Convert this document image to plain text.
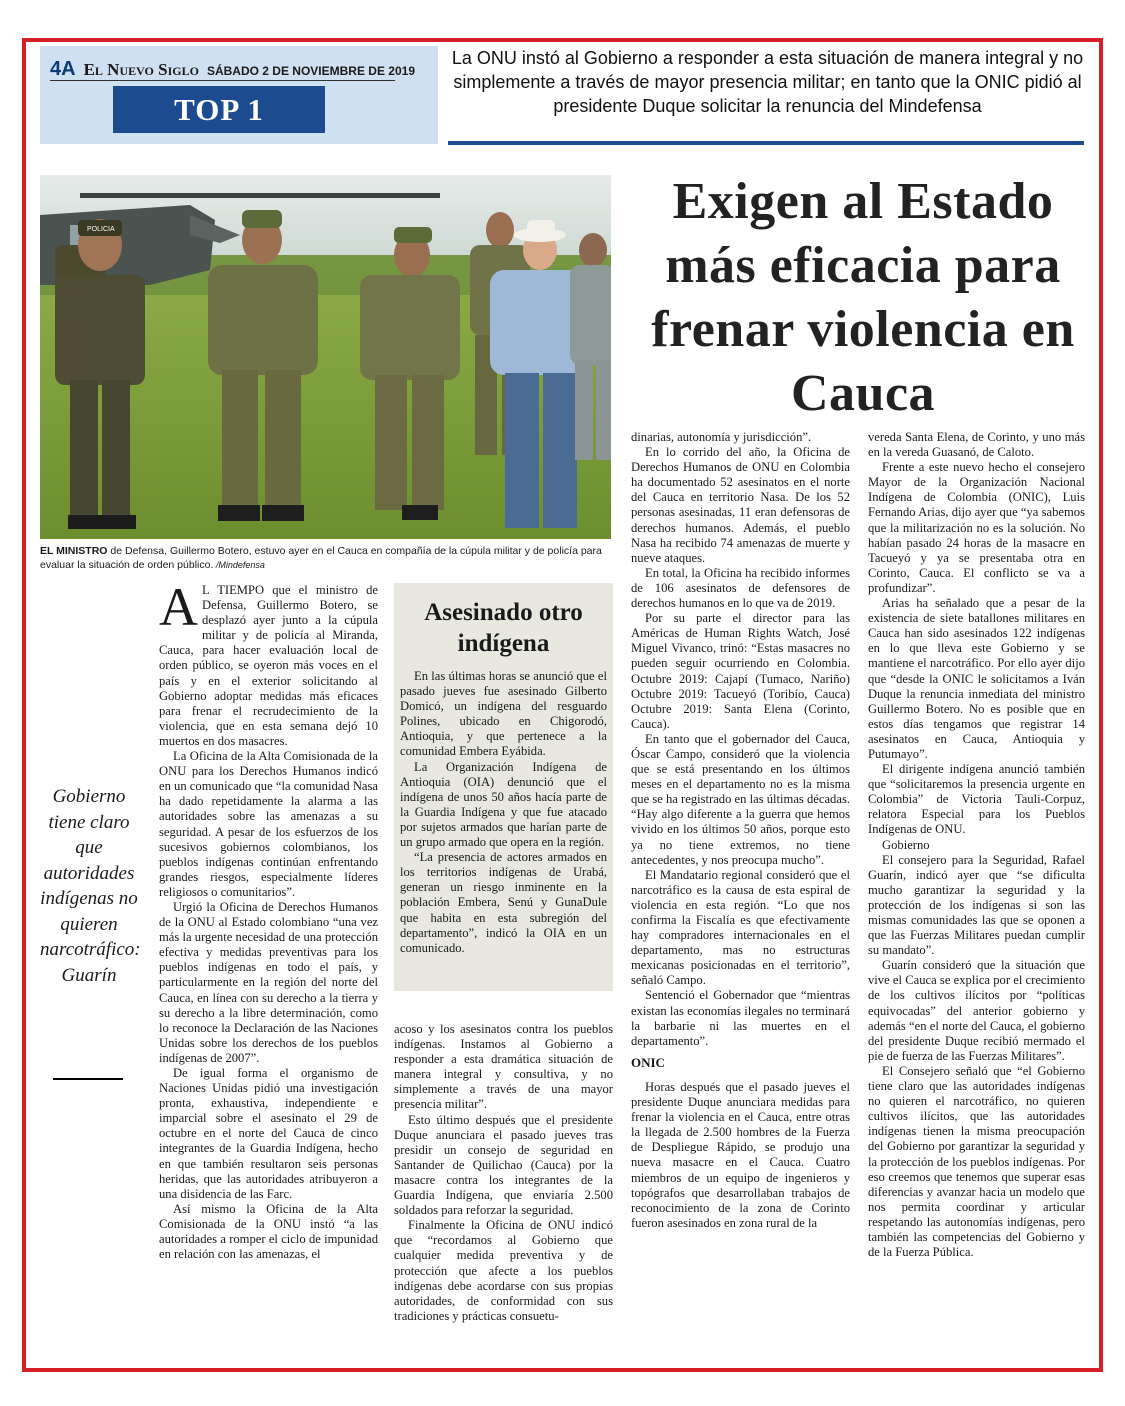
4A El Nuevo Siglo SÁBADO 2 DE NOVIEMBRE DE 2019
TOP 1
La ONU instó al Gobierno a responder a esta situación de manera integral y no simplemente a través de mayor presencia militar; en tanto que la ONIC pidió al presidente Duque solicitar la renuncia del Mindefensa
POLICIA
EL MINISTRO de Defensa, Guillermo Botero, estuvo ayer en el Cauca en compañía de la cúpula militar y de policía para evaluar la situación de orden público. /Mindefensa
Exigen al Estado más eficacia para frenar violencia en Cauca
Gobierno tiene claro que autoridades indígenas no quieren narcotráfico: Guarín

A L TIEMPO que el ministro de Defensa, Guillermo Botero, se desplazó ayer junto a la cúpula militar y de policía al Miranda, Cauca, para hacer evaluación local de orden público, se oyeron más voces en el país y en el exterior solicitando al Gobierno adoptar medidas más eficaces para frenar el recrudecimiento de la violencia, que en esta semana dejó 10 muertos en dos masacres.

La Oficina de la Alta Comisionada de la ONU para los Derechos Humanos indicó en un comunicado que “la comunidad Nasa ha dado repetidamente la alarma a las autoridades sobre las amenazas a su seguridad. A pesar de los esfuerzos de los sucesivos gobiernos colombianos, los pueblos indígenas continúan enfrentando grandes riesgos, especialmente líderes religiosos o comunitarios”.

Urgió la Oficina de Derechos Humanos de la ONU al Estado colombiano “una vez más la urgente necesidad de una protección efectiva y medidas preventivas para los pueblos indígenas en todo el país, y particularmente en la región del norte del Cauca, en línea con su derecho a la tierra y su derecho a la libre determinación, como lo reconoce la Declaración de las Naciones Unidas sobre los derechos de los pueblos indígenas de 2007”.

De igual forma el organismo de Naciones Unidas pidió una investigación pronta, exhaustiva, independiente e imparcial sobre el asesinato el 29 de octubre en el norte del Cauca de cinco integrantes de la Guardia Indígena, hecho en que también resultaron seis personas heridas, que las autoridades atribuyeron a una disidencia de las Farc.

Así mismo la Oficina de la Alta Comisionada de la ONU instó “a las autoridades a romper el ciclo de impunidad en relación con las amenazas, el

Asesinado otro indígena

En las últimas horas se anunció que el pasado jueves fue asesinado Gilberto Domicó, un indígena del resguardo Polines, ubicado en Chigorodó, Antioquia, y que pertenece a la comunidad Embera Eyábida.

La Organización Indígena de Antioquia (OIA) denunció que el indígena de unos 50 años hacía parte de la Guardia Indígena y que fue atacado por sujetos armados que harían parte de un grupo armado que opera en la región.

“La presencia de actores armados en los territorios indígenas de Urabá, generan un riesgo inminente en la población Embera, Senú y GunaDule que habita en esta subregión del departamento”, indicó la OIA en un comunicado.

acoso y los asesinatos contra los pueblos indígenas. Instamos al Gobierno a responder a esta dramática situación de manera integral y consultiva, y no simplemente a través de una mayor presencia militar”.

Esto último después que el presidente Duque anunciara el pasado jueves tras presidir un consejo de seguridad en Santander de Quilichao (Cauca) por la masacre contra los integrantes de la Guardia Indígena, que enviaría 2.500 soldados para reforzar la seguridad.

Finalmente la Oficina de ONU indicó que “recordamos al Gobierno que cualquier medida preventiva y de protección que afecte a los pueblos indígenas debe acordarse con sus propias autoridades, de conformidad con sus tradiciones y prácticas consuetu-

dinarias, autonomía y jurisdicción”.

En lo corrido del año, la Oficina de Derechos Humanos de ONU en Colombia ha documentado 52 asesinatos en el norte del Cauca en territorio Nasa. De los 52 personas asesinadas, 11 eran defensoras de derechos humanos. Además, el pueblo Nasa ha recibido 74 amenazas de muerte y nueve ataques.

En total, la Oficina ha recibido informes de 106 asesinatos de defensores de derechos humanos en lo que va de 2019.

Por su parte el director para las Américas de Human Rights Watch, José Miguel Vivanco, trinó: “Estas masacres no pueden seguir ocurriendo en Colombia. Octubre 2019: Cajapí (Tumaco, Nariño) Octubre 2019: Tacueyó (Toribío, Cauca) Octubre 2019: Santa Elena (Corinto, Cauca).

En tanto que el gobernador del Cauca, Óscar Campo, consideró que la violencia que se está presentando en los últimos meses en el departamento no es la misma que se ha registrado en las últimas décadas. “Hay algo diferente a la guerra que hemos vivido en los últimos 50 años, porque esto ya no tiene extremos, no tiene antecedentes, y nos preocupa mucho”.

El Mandatario regional consideró que el narcotráfico es la causa de esta espiral de violencia en esta región. “Lo que nos confirma la Fiscalía es que efectivamente hay compradores internacionales en el departamento, mas no estructuras mexicanas posicionadas en el territorio”, señaló Campo.

Sentenció el Gobernador que “mientras existan las economías ilegales no terminará la barbarie ni las muertes en el departamento”.

ONIC

Horas después que el pasado jueves el presidente Duque anunciara medidas para frenar la violencia en el Cauca, entre otras la llegada de 2.500 hombres de la Fuerza de Despliegue Rápido, se produjo una nueva masacre en el Cauca. Cuatro miembros de un equipo de ingenieros y topógrafos que desarrollaban trabajos de reconocimiento de la zona de Corinto fueron asesinados en zona rural de la

vereda Santa Elena, de Corinto, y uno más en la vereda Guasanó, de Caloto.

Frente a este nuevo hecho el consejero Mayor de la Organización Nacional Indígena de Colombia (ONIC), Luis Fernando Arias, dijo ayer que “ya sabemos que la militarización no es la solución. No habían pasado 24 horas de la masacre en Tacueyó y ya se presentaba otra en Corinto, Cauca. El conflicto se va a profundizar”.

Arias ha señalado que a pesar de la existencia de siete batallones militares en Cauca han sido asesinados 122 indígenas en lo que lleva este Gobierno y se mantiene el narcotráfico. Por ello ayer dijo que “desde la ONIC le solicitamos a Iván Duque la renuncia inmediata del ministro Guillermo Botero. No es posible que en estos días tengamos que registrar 14 asesinatos en Cauca, Antioquia y Putumayo”.

El dirigente indígena anunció también que “solicitaremos la presencia urgente en Colombia” de Victoria Tauli-Corpuz, relatora Especial para los Pueblos Indígenas de ONU.

Gobierno

El consejero para la Seguridad, Rafael Guarín, indicó ayer que “se dificulta mucho garantizar la seguridad y la protección de los indígenas si son las mismas comunidades las que se oponen a que las Fuerzas Militares puedan cumplir su mandato”.

Guarín consideró que la situación que vive el Cauca se explica por el crecimiento de los cultivos ilícitos por “políticas equivocadas” del anterior gobierno y además “en el norte del Cauca, el gobierno del presidente Duque recibió mermado el pie de fuerza de las Fuerzas Militares”.

El Consejero señaló que “el Gobierno tiene claro que las autoridades indígenas no quieren el narcotráfico, no quieren cultivos ilícitos, que las autoridades indígenas tienen la misma preocupación del Gobierno por garantizar la seguridad y la protección de los pueblos indígenas. Por eso creemos que tenemos que superar esas diferencias y avanzar hacia un modelo que nos permita coordinar y articular respetando las autonomías indígenas, pero también las competencias del Gobierno y de la Fuerza Pública.
